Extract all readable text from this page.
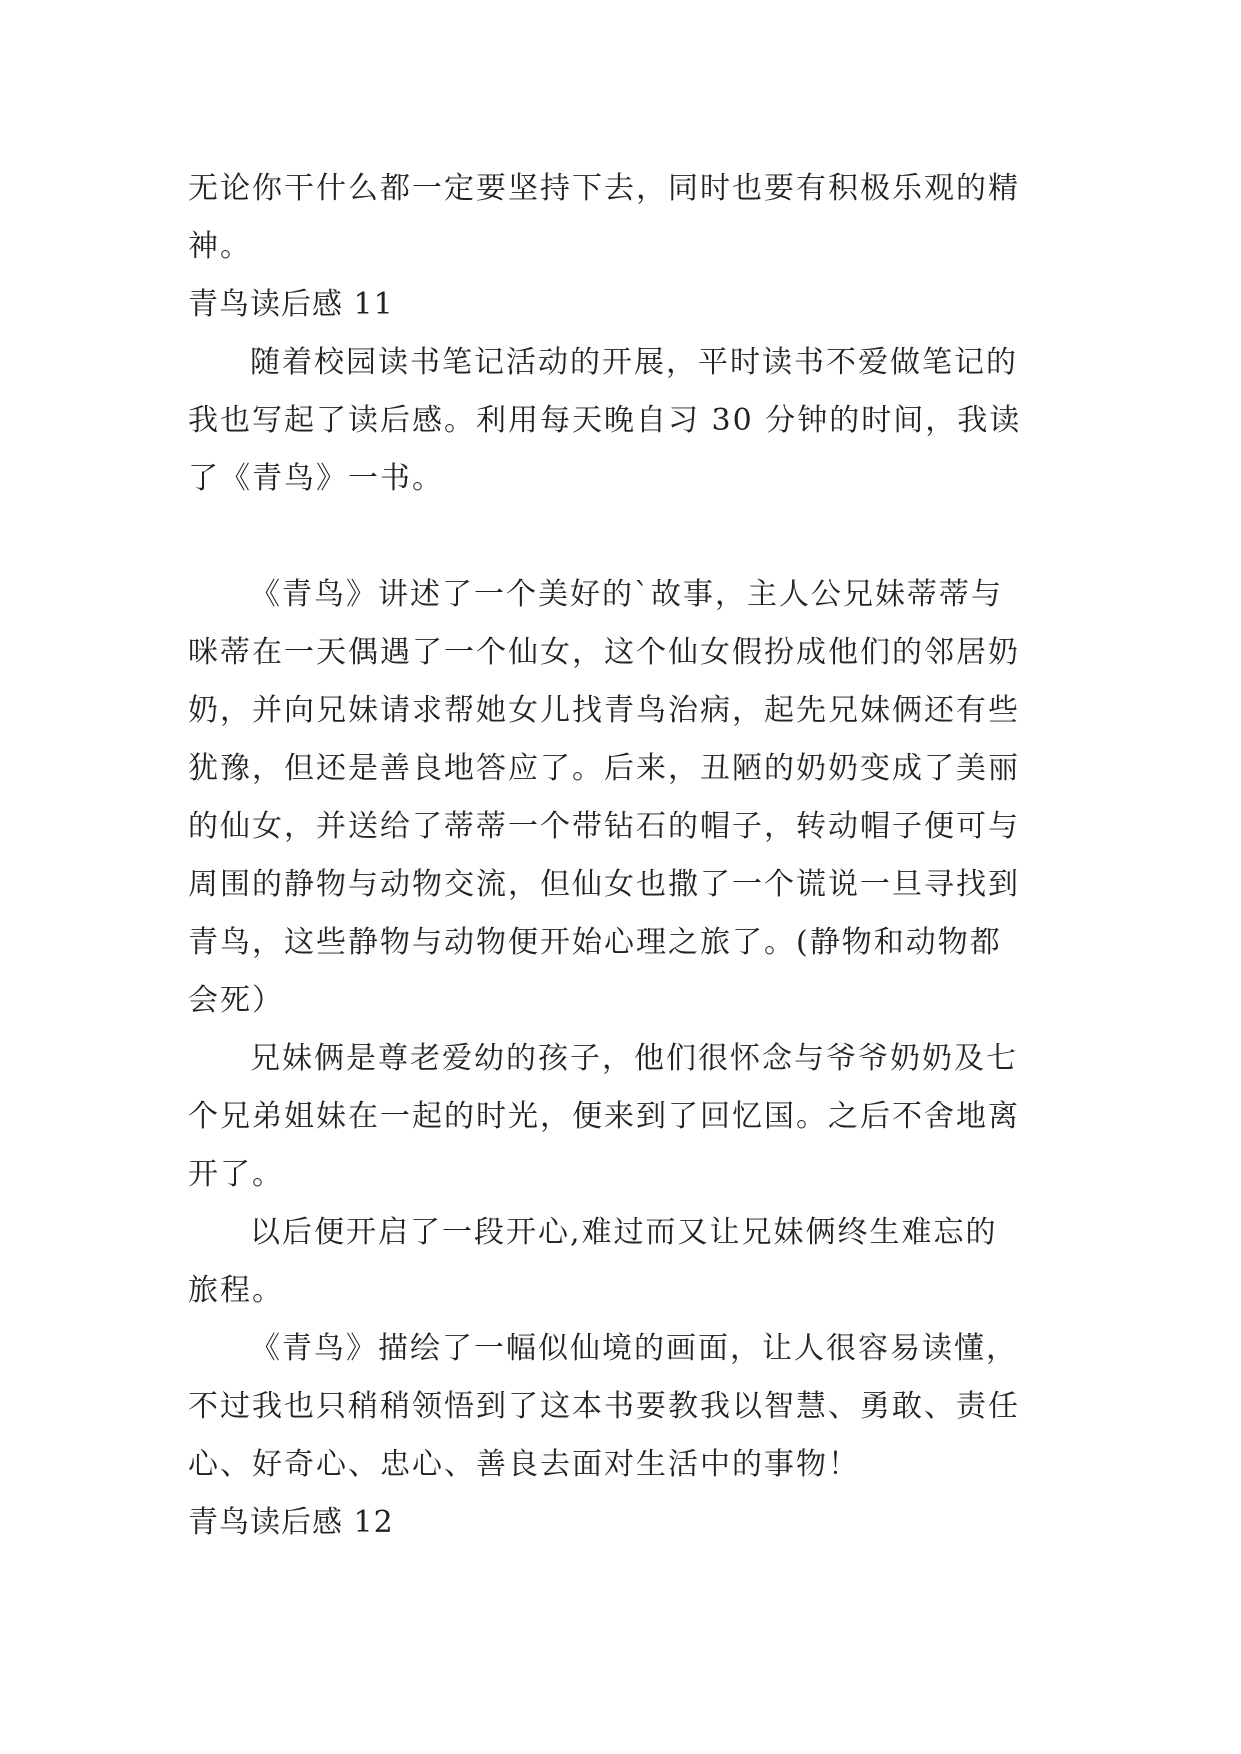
无论你干什么都一定要坚持下去，同时也要有积极乐观的精
神。
青鸟读后感 11
随着校园读书笔记活动的开展，平时读书不爱做笔记的
我也写起了读后感。利用每天晚自习 30 分钟的时间，我读
了《青鸟》一书。
《青鸟》讲述了一个美好的`故事，主人公兄妹蒂蒂与
咪蒂在一天偶遇了一个仙女，这个仙女假扮成他们的邻居奶
奶，并向兄妹请求帮她女儿找青鸟治病，起先兄妹俩还有些
犹豫，但还是善良地答应了。后来，丑陋的奶奶变成了美丽
的仙女，并送给了蒂蒂一个带钻石的帽子，转动帽子便可与
周围的静物与动物交流，但仙女也撒了一个谎说一旦寻找到
青鸟，这些静物与动物便开始心理之旅了。(静物和动物都
会死）
兄妹俩是尊老爱幼的孩子，他们很怀念与爷爷奶奶及七
个兄弟姐妹在一起的时光，便来到了回忆国。之后不舍地离
开了。
以后便开启了一段开心,难过而又让兄妹俩终生难忘的
旅程。
《青鸟》描绘了一幅似仙境的画面，让人很容易读懂，
不过我也只稍稍领悟到了这本书要教我以智慧、勇敢、责任
心、好奇心、忠心、善良去面对生活中的事物！
青鸟读后感 12
